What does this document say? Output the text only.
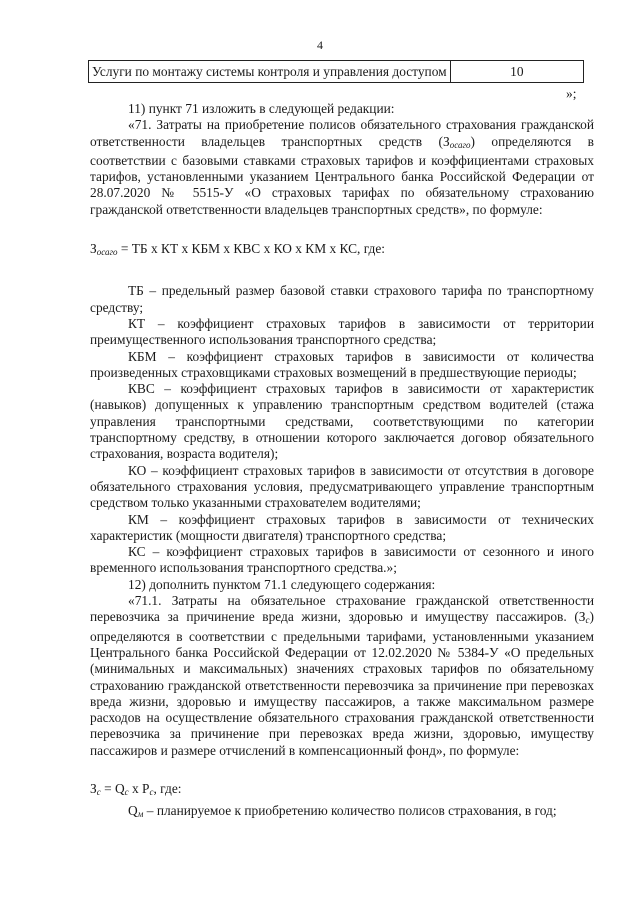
4
Услуги по монтажу системы контроля и управления доступом	10
»;

11) пункт 71 изложить в следующей редакции:

«71. Затраты на приобретение полисов обязательного страхования гражданской ответственности владельцев транспортных средств (Зосаго) определяются в соответствии с базовыми ставками страховых тарифов и коэффициентами страховых тарифов, установленными указанием Центрального банка Российской Федерации от 28.07.2020 № 5515-У «О страховых тарифах по обязательному страхованию гражданской ответственности владельцев транспортных средств», по формуле:

$З_{осаго}$ = ТБ х КТ х КБМ х КВС х КО х КМ х КС, где:

ТБ – предельный размер базовой ставки страхового тарифа по транспортному средству;

КТ – коэффициент страховых тарифов в зависимости от территории преимущественного использования транспортного средства;

КБМ – коэффициент страховых тарифов в зависимости от количества произведенных страховщиками страховых возмещений в предшествующие периоды;

КВС – коэффициент страховых тарифов в зависимости от характеристик (навыков) допущенных к управлению транспортным средством водителей (стажа управления транспортными средствами, соответствующими по категории транспортному средству, в отношении которого заключается договор обязательного страхования, возраста водителя);

КО – коэффициент страховых тарифов в зависимости от отсутствия в договоре обязательного страхования условия, предусматривающего управление транспортным средством только указанными страхователем водителями;

КМ – коэффициент страховых тарифов в зависимости от технических характеристик (мощности двигателя) транспортного средства;

КС – коэффициент страховых тарифов в зависимости от сезонного и иного временного использования транспортного средства.»;

12) дополнить пунктом 71.1 следующего содержания:

«71.1. Затраты на обязательное страхование гражданской ответственности перевозчика за причинение вреда жизни, здоровью и имуществу пассажиров. (Зс) определяются в соответствии с предельными тарифами, установленными указанием Центрального банка Российской Федерации от 12.02.2020 № 5384-У «О предельных (минимальных и максимальных) значениях страховых тарифов по обязательному страхованию гражданской ответственности перевозчика за причинение при перевозках вреда жизни, здоровью и имуществу пассажиров, а также максимальном размере расходов на осуществление обязательного страхования гражданской ответственности перевозчика за причинение при перевозках вреда жизни, здоровью, имуществу пассажиров и размере отчислений в компенсационный фонд», по формуле:

$З_с = Q_с$ х $Р_с$, где:

Qм – планируемое к приобретению количество полисов страхования, в год;
